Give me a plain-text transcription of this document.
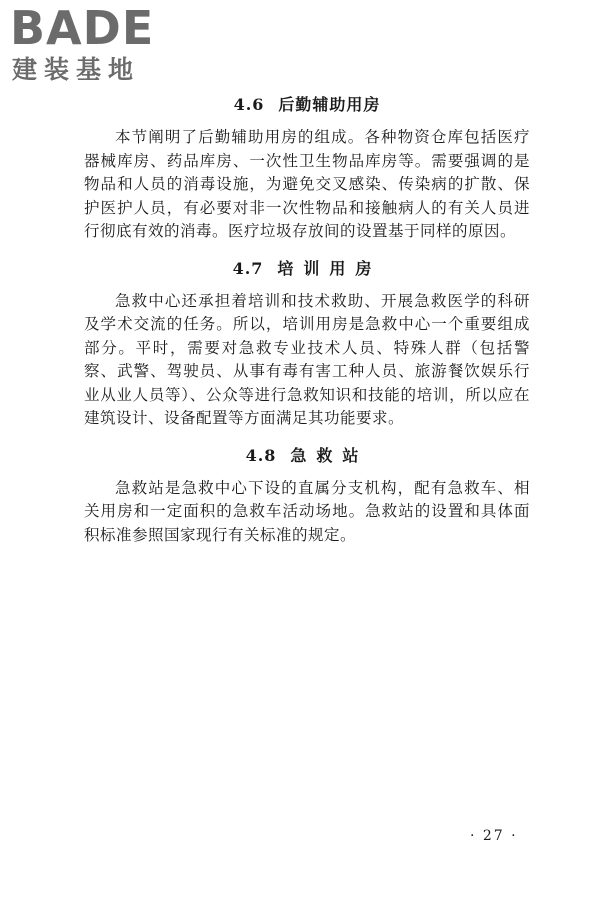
BADE
建装基地
4.6 后勤辅助用房

本节阐明了后勤辅助用房的组成。各种物资仓库包括医疗器械库房、药品库房、一次性卫生物品库房等。需要强调的是物品和人员的消毒设施，为避免交叉感染、传染病的扩散、保护医护人员，有必要对非一次性物品和接触病人的有关人员进行彻底有效的消毒。医疗垃圾存放间的设置基于同样的原因。

4.7 培训用房

急救中心还承担着培训和技术救助、开展急救医学的科研及学术交流的任务。所以，培训用房是急救中心一个重要组成部分。平时，需要对急救专业技术人员、特殊人群（包括警察、武警、驾驶员、从事有毒有害工种人员、旅游餐饮娱乐行业从业人员等）、公众等进行急救知识和技能的培训，所以应在建筑设计、设备配置等方面满足其功能要求。

4.8 急救站

急救站是急救中心下设的直属分支机构，配有急救车、相关用房和一定面积的急救车活动场地。急救站的设置和具体面积标准参照国家现行有关标准的规定。

· 27 ·
